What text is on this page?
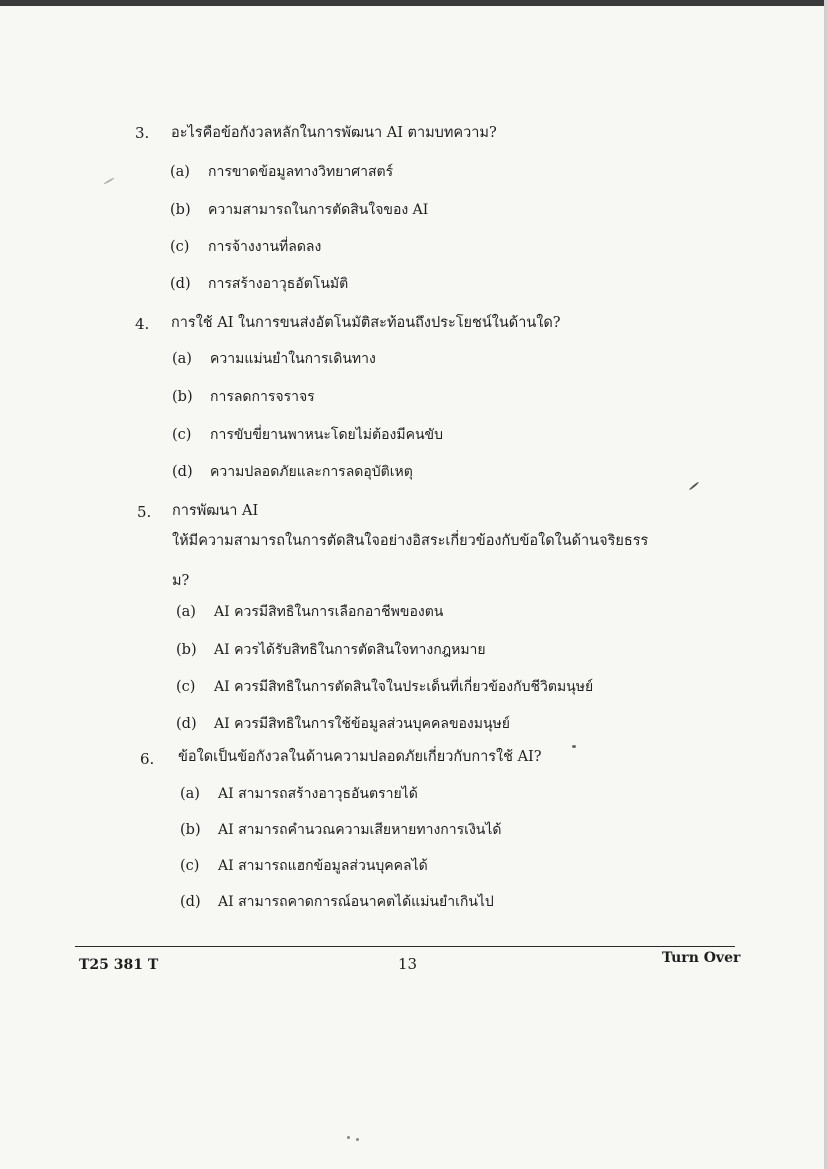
3. อะไรคือข้อกังวลหลักในการพัฒนา AI ตามบทความ?
(a) การขาดข้อมูลทางวิทยาศาสตร์
(b) ความสามารถในการตัดสินใจของ AI
(c) การจ้างงานที่ลดลง
(d) การสร้างอาวุธอัตโนมัติ
4. การใช้ AI ในการขนส่งอัตโนมัติสะท้อนถึงประโยชน์ในด้านใด?
(a) ความแม่นยำในการเดินทาง
(b) การลดการจราจร
(c) การขับขี่ยานพาหนะโดยไม่ต้องมีคนขับ
(d) ความปลอดภัยและการลดอุบัติเหตุ
5. การพัฒนา AI
ให้มีความสามารถในการตัดสินใจอย่างอิสระเกี่ยวข้องกับข้อใดในด้านจริยธรร
ม?
(a) AI ควรมีสิทธิในการเลือกอาชีพของตน
(b) AI ควรได้รับสิทธิในการตัดสินใจทางกฎหมาย
(c) AI ควรมีสิทธิในการตัดสินใจในประเด็นที่เกี่ยวข้องกับชีวิตมนุษย์
(d) AI ควรมีสิทธิในการใช้ข้อมูลส่วนบุคคลของมนุษย์
6. ข้อใดเป็นข้อกังวลในด้านความปลอดภัยเกี่ยวกับการใช้ AI?
(a) AI สามารถสร้างอาวุธอันตรายได้
(b) AI สามารถคำนวณความเสียหายทางการเงินได้
(c) AI สามารถแฮกข้อมูลส่วนบุคคลได้
(d) AI สามารถคาดการณ์อนาคตได้แม่นยำเกินไป
T25 381 T	13	Turn Over
